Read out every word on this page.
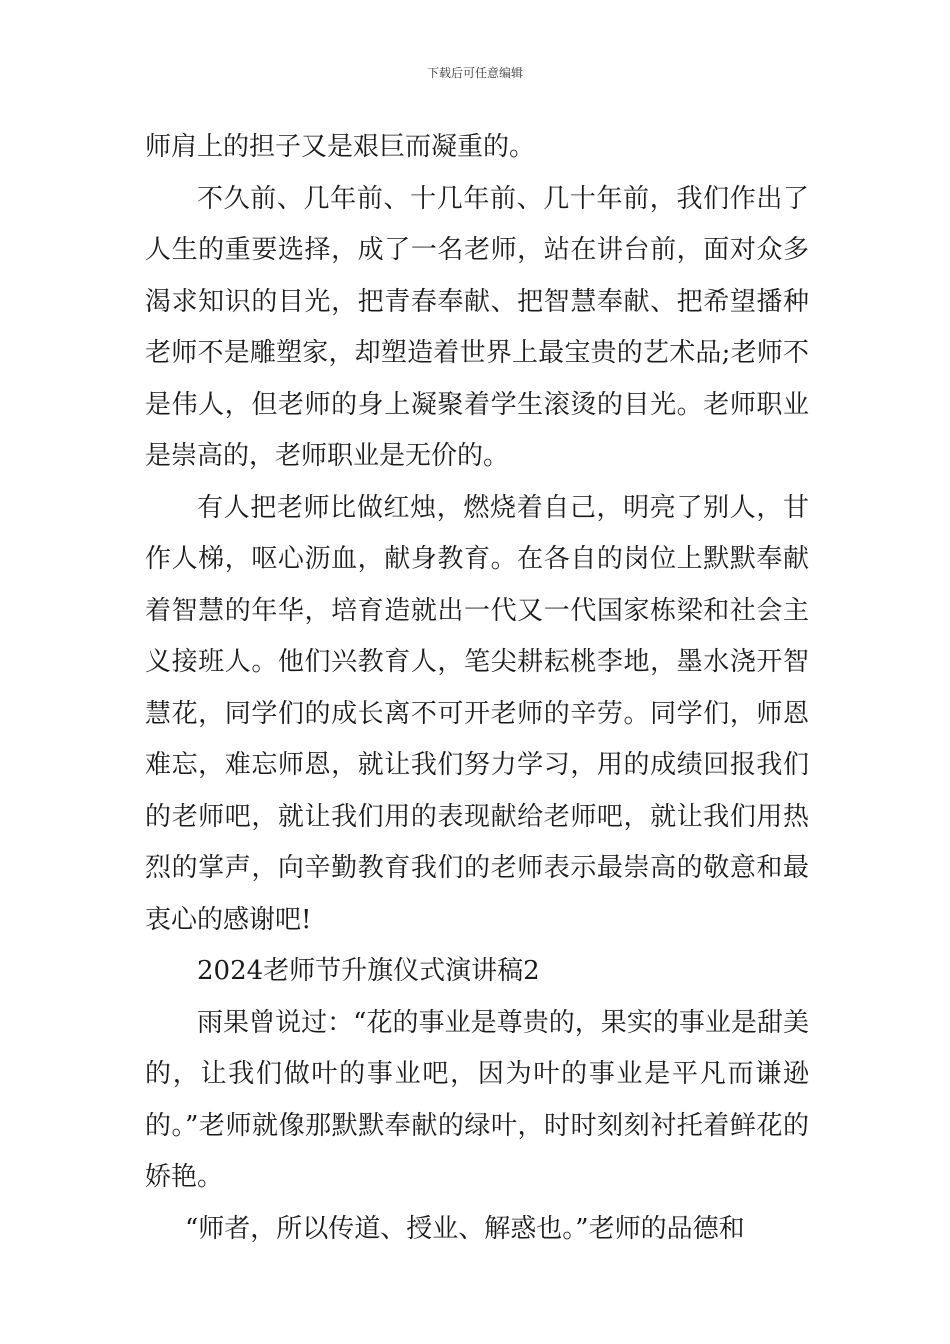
下载后可任意编辑

师肩上的担子又是艰巨而凝重的。

不久前、几年前、十几年前、几十年前，我们作出了人生的重要选择，成了一名老师，站在讲台前，面对众多渴求知识的目光，把青春奉献、把智慧奉献、把希望播种老师不是雕塑家，却塑造着世界上最宝贵的艺术品;老师不是伟人，但老师的身上凝聚着学生滚烫的目光。老师职业是崇高的，老师职业是无价的。

有人把老师比做红烛，燃烧着自己，明亮了别人，甘作人梯，呕心沥血，献身教育。在各自的岗位上默默奉献着智慧的年华，培育造就出一代又一代国家栋梁和社会主义接班人。他们兴教育人，笔尖耕耘桃李地，墨水浇开智慧花，同学们的成长离不可开老师的辛劳。同学们，师恩难忘，难忘师恩，就让我们努力学习，用的成绩回报我们的老师吧，就让我们用的表现献给老师吧，就让我们用热烈的掌声，向辛勤教育我们的老师表示最崇高的敬意和最衷心的感谢吧!

2024老师节升旗仪式演讲稿2

雨果曾说过：“花的事业是尊贵的，果实的事业是甜美的，让我们做叶的事业吧，因为叶的事业是平凡而谦逊的。”老师就像那默默奉献的绿叶，时时刻刻衬托着鲜花的娇艳。

“师者，所以传道、授业、解惑也。”老师的品德和
